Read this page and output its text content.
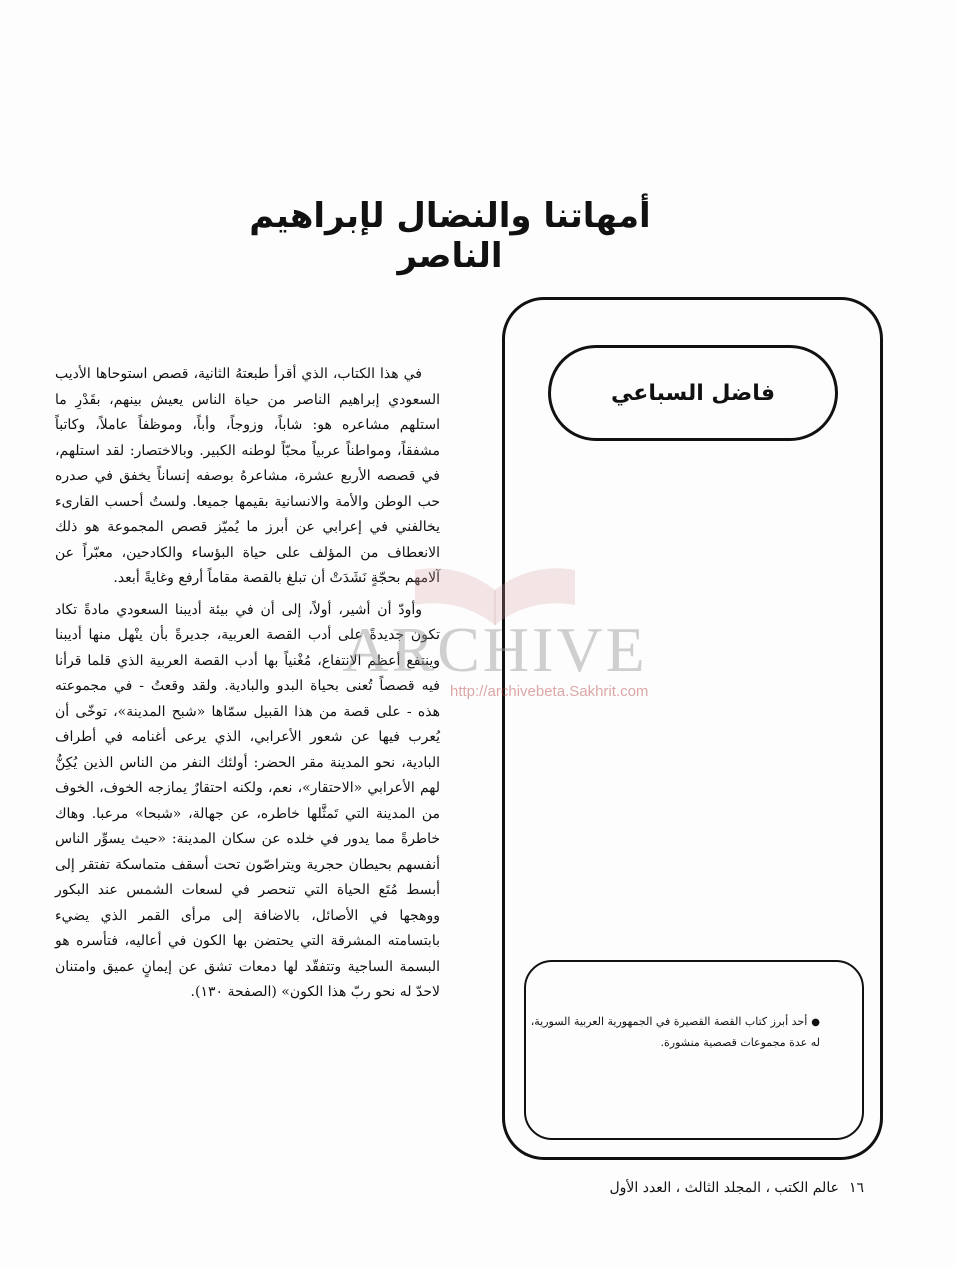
أمهاتنا والنضال لإبراهيم الناصر
فاضل السباعي
●أحد أبرز كتاب القصة القصيرة في الجمهورية العربية السورية، له عدة مجموعات قصصية منشورة.

في هذا الكتاب، الذي أقرأ طبعتهُ الثانية، قصص استوحاها الأديب السعودي إبراهيم الناصر من حياة الناس يعيش بينهم، بقَدْرِ ما استلهم مشاعره هو: شاباً، وزوجاً، وأباً، وموظفاً عاملاً، وكاتباً مشفقاً، ومواطناً عربياً محبّاً لوطنه الكبير. وبالاختصار: لقد استلهم، في قصصه الأربع عشرة، مشاعرهُ بوصفه إنساناً يخفق في صدره حب الوطن والأمة والانسانية بقيمها جميعا. ولستُ أحسب القارىء يخالفني في إعرابي عن أبرز ما يُميّز قصص المجموعة هو ذلك الانعطاف من المؤلف على حياة البؤساء والكادحين، معبّراً عن آلامهم بحجّةٍ نَشَدَتْ أن تبلغ بالقصة مقاماً أرفع وغايةً أبعد.

وأودّ أن أشير، أولاً، إلى أن في بيئة أديبنا السعودي مادةً تكاد تكون جديدةً على أدب القصة العربية، جديرةً بأن ينْهل منها أديبنا وينتفع أعظم الانتفاع، مُغْنياً بها أدب القصة العربية الذي قلما قرأنا فيه قصصاً تُعنى بحياة البدو والبادية. ولقد وقعتُ - في مجموعته هذه - على قصة من هذا القبيل سمّاها «شبح المدينة»، توخّى أن يُعرب فيها عن شعور الأعرابي، الذي يرعى أغنامه في أطراف البادية، نحو المدينة مقر الحضر: أولئك النفر من الناس الذين يُكِنُّ لهم الأعرابي «الاحتقار»، نعم، ولكنه احتقارٌ يمازجه الخوف، الخوف من المدينة التي تَمثَّلها خاطره، عن جهالة، «شبحا» مرعبا. وهاك خاطرةً مما يدور في خلده عن سكان المدينة: «حيث يسوِّر الناس أنفسهم بحيطان حجرية ويتراصّون تحت أسقف متماسكة تفتقر إلى أبسط مُتَع الحياة التي تنحصر في لسعات الشمس عند البكور ووهجها في الأصائل، بالاضافة إلى مرأى القمر الذي يضيء بابتسامته المشرقة التي يحتضن بها الكون في أعاليه، فتأسره هو البسمة الساجية وتتفقّد لها دمعات تشق عن إيمانٍ عميق وامتنان لاحدّ له نحو ربّ هذا الكون» (الصفحة ١٣٠).

ARCHIVE
http://archivebeta.Sakhrit.com
١٦عالم الكتب ، المجلد الثالث ، العدد الأول
